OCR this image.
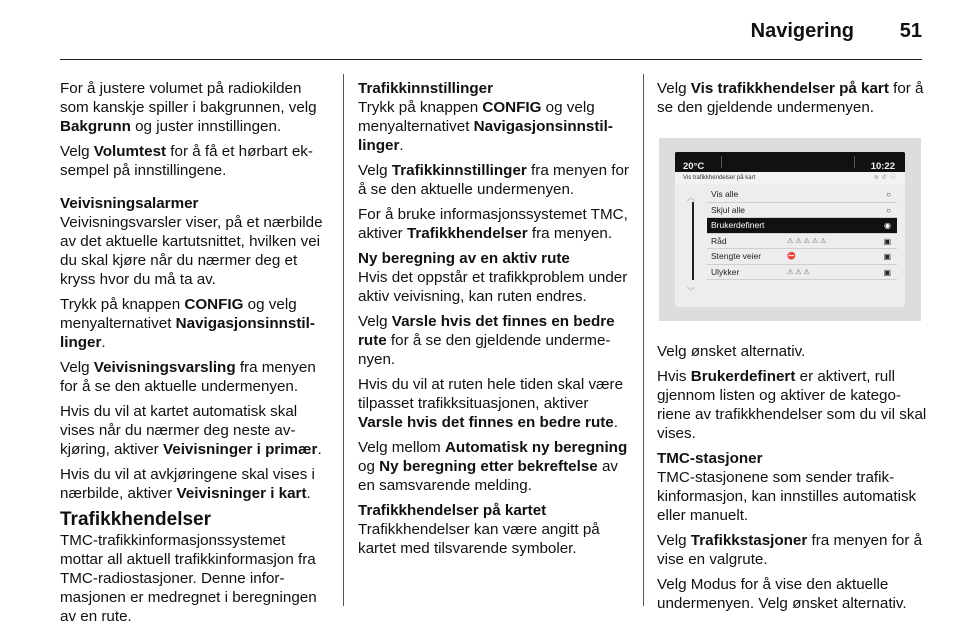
Navigering 51

For å justere volumet på radiokilden som kanskje spiller i bakgrunnen, velg Bakgrunn og juster innstillingen.

Velg Volumtest for å få et hørbart eksempel på innstillingene.

Veivisningsalarmer

Veivisningsvarsler viser, på et nærbilde av det aktuelle kartutsnittet, hvilken vei du skal kjøre når du nærmer deg et kryss hvor du må ta av.

Trykk på knappen CONFIG og velg menyalternativet Navigasjonsinnstillinger.

Velg Veivisningsvarsling fra menyen for å se den aktuelle undermenyen.

Hvis du vil at kartet automatisk skal vises når du nærmer deg neste avkjøring, aktiver Veivisninger i primær.

Hvis du vil at avkjøringene skal vises i nærbilde, aktiver Veivisninger i kart.

Trafikkhendelser

TMC-trafikkinformasjonssystemet mottar all aktuell trafikkinformasjon fra TMC-radiostasjoner. Denne informasjonen er medregnet i beregningen av en rute.

Trafikkinnstillinger

Trykk på knappen CONFIG og velg menyalternativet Navigasjonsinnstillinger.

Velg Trafikkinnstillinger fra menyen for å se den aktuelle undermenyen.

For å bruke informasjonssystemet TMC, aktiver Trafikkhendelser fra menyen.

Ny beregning av en aktiv rute

Hvis det oppstår et trafikkproblem under aktiv veivisning, kan ruten endres.

Velg Varsle hvis det finnes en bedre rute for å se den gjeldende undermenyen.

Hvis du vil at ruten hele tiden skal være tilpasset trafikksituasjonen, aktiver Varsle hvis det finnes en bedre rute.

Velg mellom Automatisk ny beregning og Ny beregning etter bekreftelse av en samsvarende melding.

Trafikkhendelser på kartet

Trafikkhendelser kan være angitt på kartet med tilsvarende symboler.

Velg Vis trafikkhendelser på kart for å se den gjeldende undermenyen.

20°C	10:22
Vis trafikkhendelser på kart	≋✆ⓘ
︿
﹀
Vis alle	○
Skjul alle	○
Brukerdefinert	◉
Råd	⚠⚠⚠⚠⚠	▣
Stengte veier	⛔	▣
Ulykker	⚠⚠⚠	▣

Velg ønsket alternativ.

Hvis Brukerdefinert er aktivert, rull gjennom listen og aktiver de kategoriene av trafikkhendelser som du vil skal vises.

TMC-stasjoner

TMC-stasjonene som sender trafikkinformasjon, kan innstilles automatisk eller manuelt.

Velg Trafikkstasjoner fra menyen for å vise en valgrute.

Velg Modus for å vise den aktuelle undermenyen. Velg ønsket alternativ.
